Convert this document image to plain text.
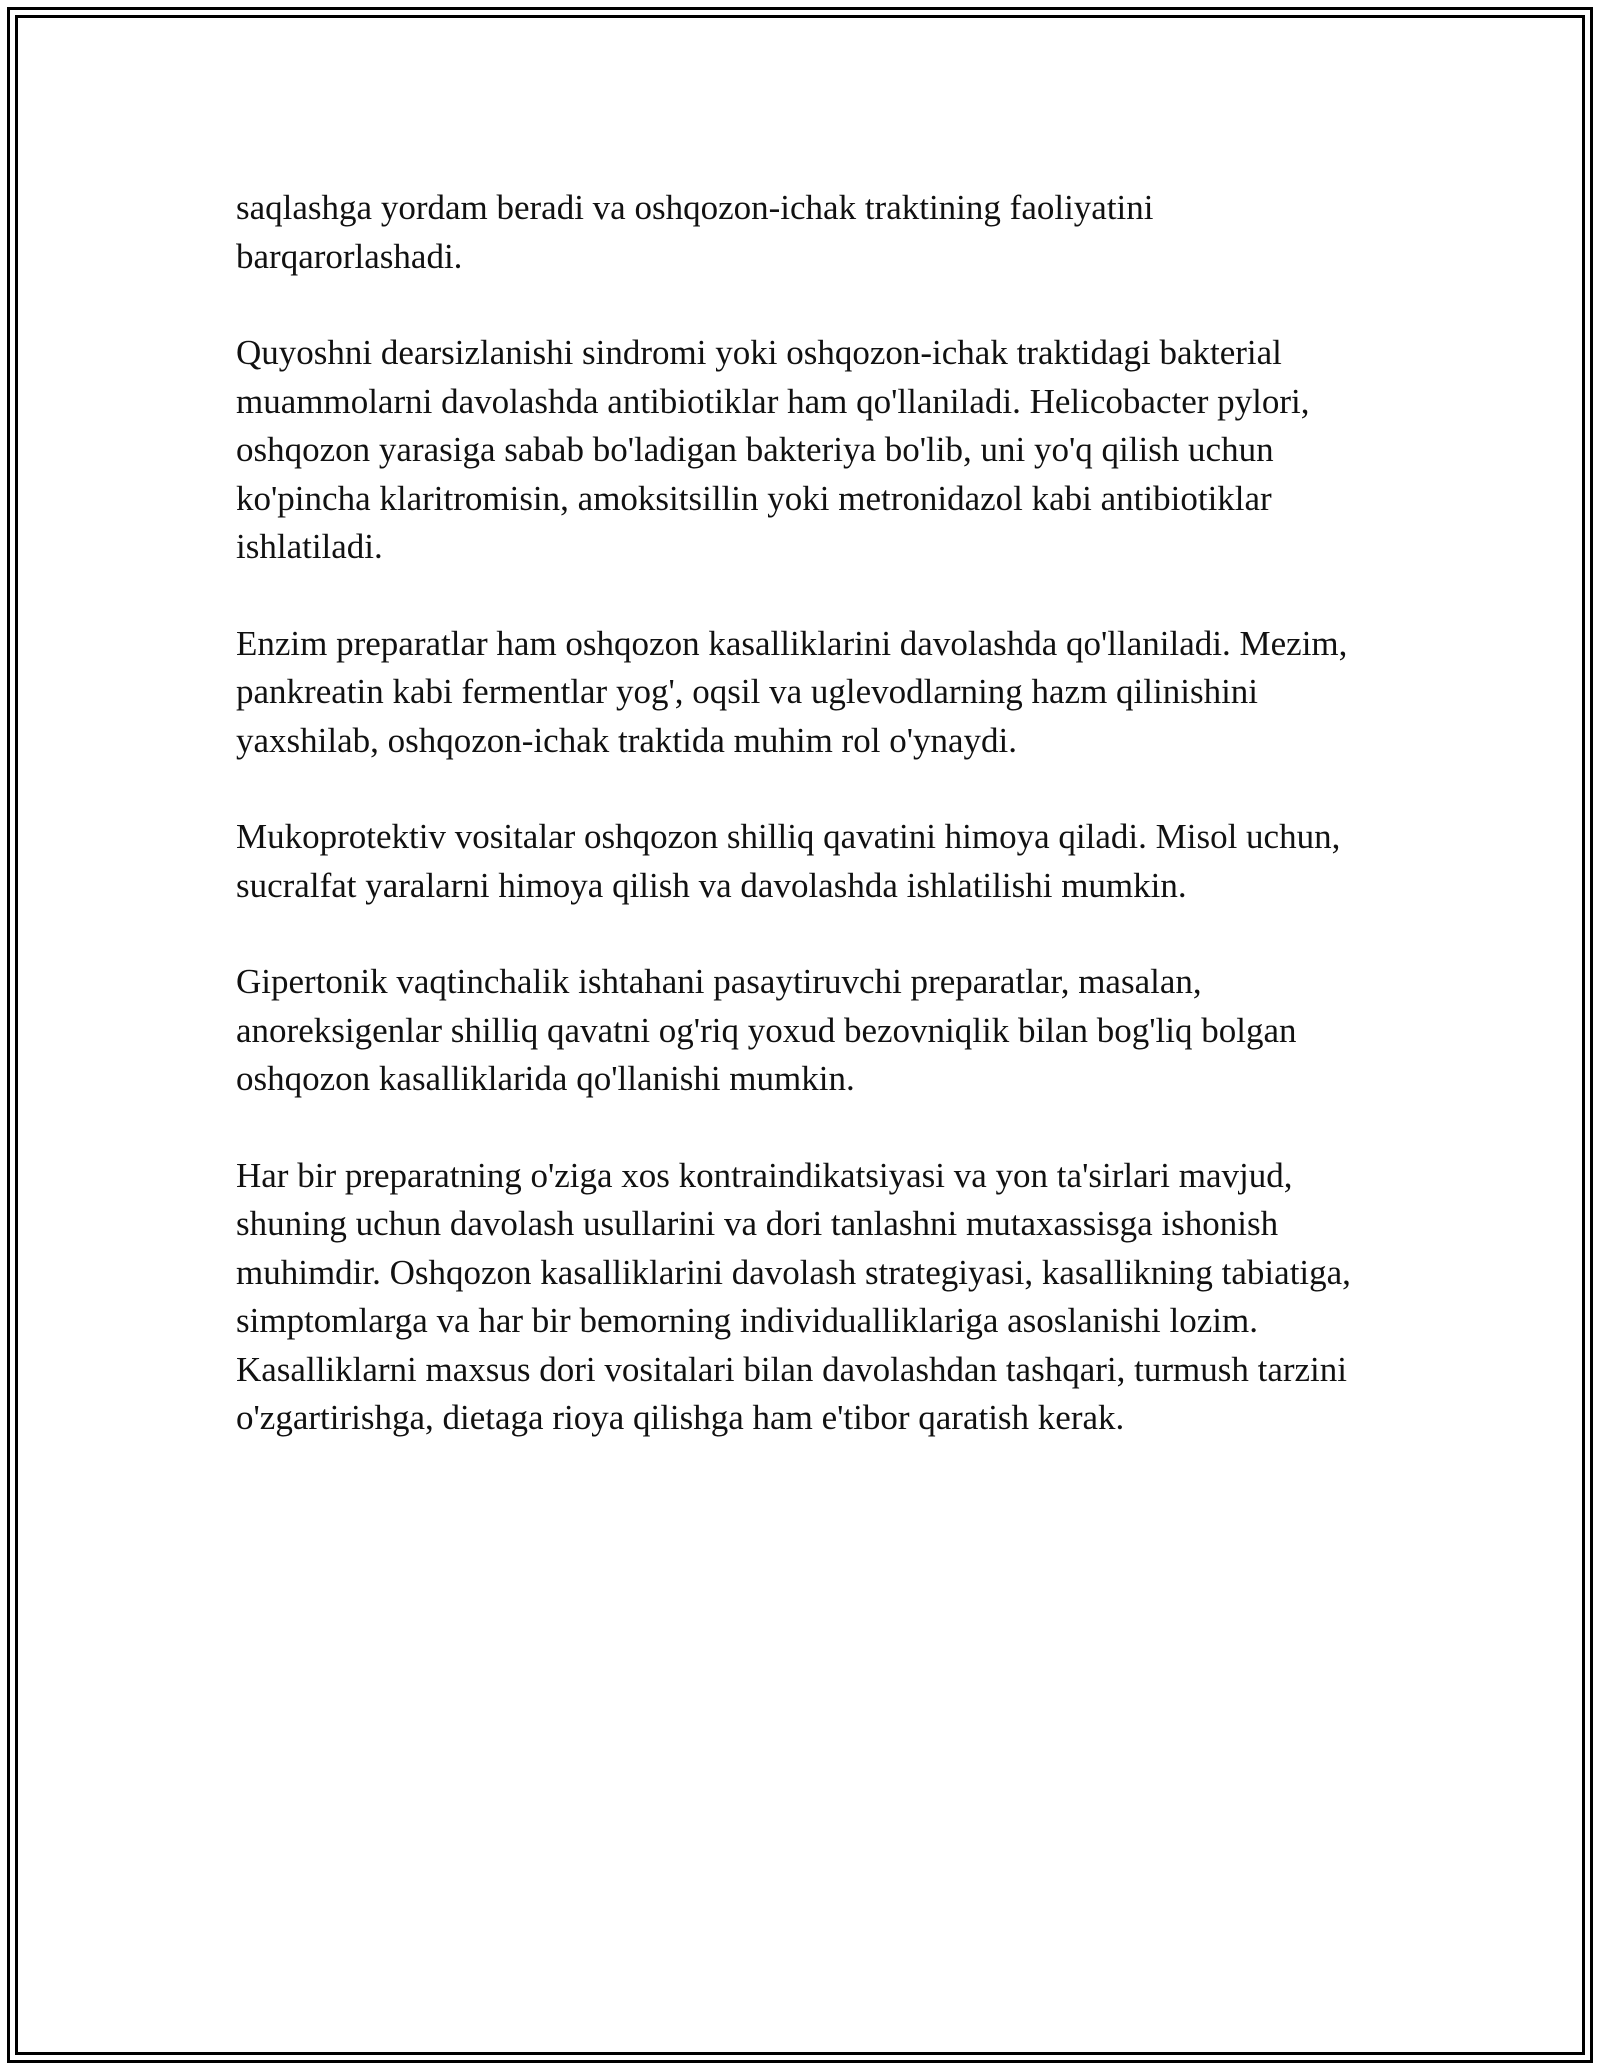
saqlashga yordam beradi va oshqozon-ichak traktining faoliyatini barqarorlashadi.

Quyoshni dearsizlanishi sindromi yoki oshqozon-ichak traktidagi bakterial muammolarni davolashda antibiotiklar ham qo'llaniladi. Helicobacter pylori, oshqozon yarasiga sabab bo'ladigan bakteriya bo'lib, uni yo'q qilish uchun ko'pincha klaritromisin, amoksitsillin yoki metronidazol kabi antibiotiklar ishlatiladi.

Enzim preparatlar ham oshqozon kasalliklarini davolashda qo'llaniladi. Mezim, pankreatin kabi fermentlar yog', oqsil va uglevodlarning hazm qilinishini yaxshilab, oshqozon-ichak traktida muhim rol o'ynaydi.

Mukoprotektiv vositalar oshqozon shilliq qavatini himoya qiladi. Misol uchun, sucralfat yaralarni himoya qilish va davolashda ishlatilishi mumkin.

Gipertonik vaqtinchalik ishtahani pasaytiruvchi preparatlar, masalan, anoreksigenlar shilliq qavatni og'riq yoxud bezovniqlik bilan bog'liq bolgan oshqozon kasalliklarida qo'llanishi mumkin.

Har bir preparatning o'ziga xos kontraindikatsiyasi va yon ta'sirlari mavjud, shuning uchun davolash usullarini va dori tanlashni mutaxassisga ishonish muhimdir. Oshqozon kasalliklarini davolash strategiyasi, kasallikning tabiatiga, simptomlarga va har bir bemorning individualliklariga asoslanishi lozim. Kasalliklarni maxsus dori vositalari bilan davolashdan tashqari, turmush tarzini o'zgartirishga, dietaga rioya qilishga ham e'tibor qaratish kerak.
